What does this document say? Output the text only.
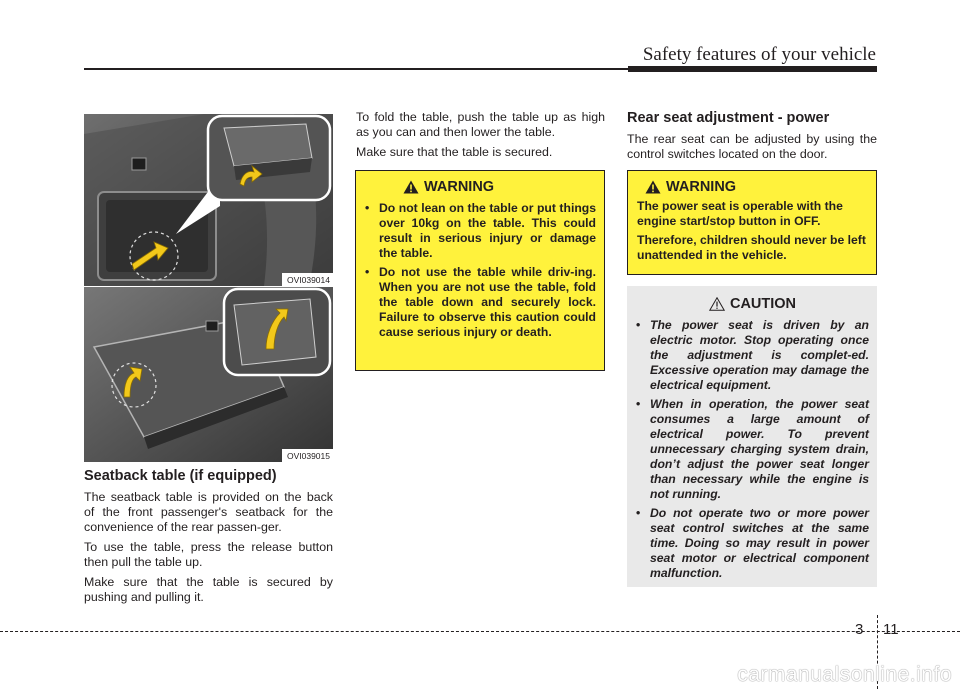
Safety features of your vehicle
OVI039014
OVI039015
Seatback table (if equipped)

The seatback table is provided on the back of the front passenger's seatback for the convenience of the rear passen-ger.

To use the table, press the release button then pull the table up.

Make sure that the table is secured by pushing and pulling it.

To fold the table, push the table up as high as you can and then lower the table.

Make sure that the table is secured.

WARNING
• Do not lean on the table or put things over 10kg on the table. This could result in serious injury or damage the table.
• Do not use the table while driv-ing. When you are not use the table, fold the table down and securely lock. Failure to observe this caution could cause serious injury or death.
Rear seat adjustment - power

The rear seat can be adjusted by using the control switches located on the door.

WARNING

The power seat is operable with the engine start/stop button in OFF.

Therefore, children should never be left unattended in the vehicle.

CAUTION
• The power seat is driven by an electric motor. Stop operating once the adjustment is complet-ed. Excessive operation may damage the electrical equipment.
• When in operation, the power seat consumes a large amount of electrical power. To prevent unnecessary charging system drain, don’t adjust the power seat longer than necessary while the engine is not running.
• Do not operate two or more power seat control switches at the same time. Doing so may result in power seat motor or electrical component malfunction.
3 11
carmanualsonline.info
